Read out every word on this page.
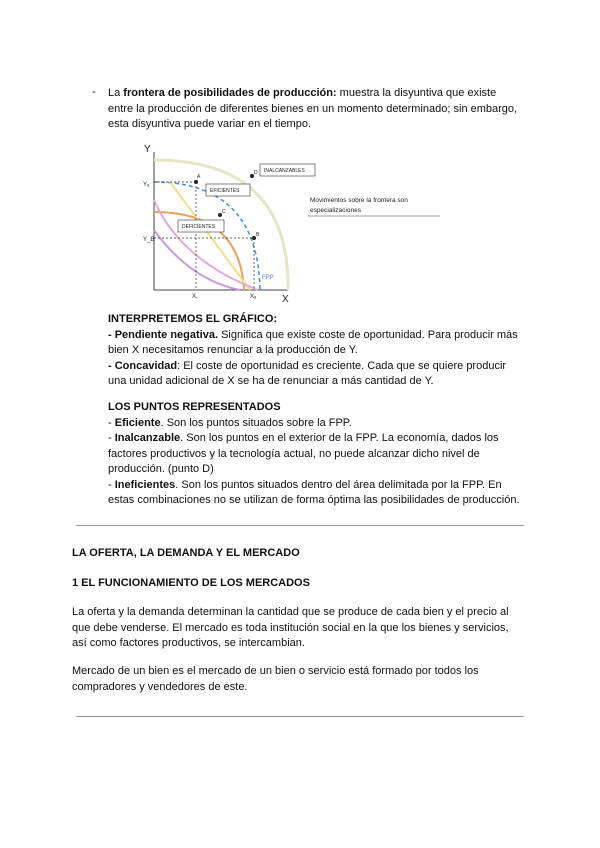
- La frontera de posibilidades de producción: muestra la disyuntiva que existe
entre la producción de diferentes bienes en un momento determinado; sin embargo,
esta disyuntiva puede variar en el tiempo.
Y
X
Yₐ
Y_B
X꜀	Xₐ
A
B
C
D INALCANZABLES
EFICIENTES
DEFICIENTES
FPP
Movimientos sobre la frontera son
especializaciones
INTERPRETEMOS EL GRÁFICO:
- Pendiente negativa. Significa que existe coste de oportunidad. Para producir más
bien X necesitamos renunciar a la producción de Y.
- Concavidad: El coste de oportunidad es creciente. Cada que se quiere producir
una unidad adicional de X se ha de renunciar a más cantidad de Y.
LOS PUNTOS REPRESENTADOS
- Eficiente. Son los puntos situados sobre la FPP.
- Inalcanzable. Son los puntos en el exterior de la FPP. La economía, dados los
factores productivos y la tecnología actual, no puede alcanzar dicho nivel de
producción. (punto D)
- Ineficientes. Son los puntos situados dentro del área delimitada por la FPP. En
estas combinaciones no se utilizan de forma óptima las posibilidades de producción.
LA OFERTA, LA DEMANDA Y EL MERCADO
1 EL FUNCIONAMIENTO DE LOS MERCADOS
La oferta y la demanda determinan la cantidad que se produce de cada bien y el precio al
que debe venderse. El mercado es toda institución social en la que los bienes y servicios,
así como factores productivos, se intercambian.
Mercado de un bien es el mercado de un bien o servicio está formado por todos los
compradores y vendedores de este.
